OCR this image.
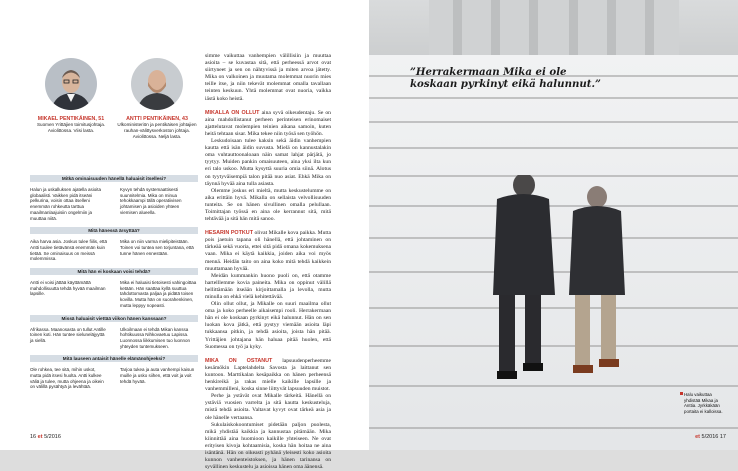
MIKAEL PENTIKÄINEN, 51
Suomen Yrittäjien toimitusjohtaja. Aviolittossa. Viisi lasta.
ANTTI PENTIKÄINEN, 43
Ulkoministeriön ja pentikäisen johtajien rauhan-välittysverkoston johtaja. Aviolittossa. Neljä lasta.
Mitkä ominaisuuden hänellä haluaisit itsellesi?
Halun ja uskalluksen ajatella asioita globaalisti. Vaikken pidä itseäni pelkurina, voisin ottaa itselleni enemmän rohkeutta tarttua maailmanlaajuisiin ongelmiin ja muuttaa niitä.
Kyvyn tehdä systemaattisesti suunnitelmia. Mika on minua tehokkaampi tällä operatiivisen johtamisen ja asioiden yhteen viemisen alueella.
Mitä hänessä ärsyttää?
Aika harva asia. Joskus tulee fiilis, että Antti tuulee tietävänsä enemmän kuin tietää. Se ominaisuus on meissä molemmissa.
Mika on niin varma mielipiteistään. Toinen voi tuntea sen torjuntana, että tunne hänen ennestään.
Mitä hän ei koskaan voisi tehdä?
Antti ei voisi jättää käyttämättä mahdollisuutta tehdä hyvää maailman lapsille.
Mika ei haluaisi tietoisesti vahingoittaa ketään. Hän saattaa kyllä suuttua tahdottomasta paljaa ja pidätä toisen kovilla. Mutta hän on suorahenkinen, mutta leppyy nopeasti.
Missä haluaisit viettää viikon hänen kanssaan?
Afrikassa. Maanosasta on tullut Antille toinen koti. Hän tuntee sieluneläjyyttä ja siellä.
Ulkoilmaan ei tehdä Mikan kanssa hohtikuussa Nihkovaetuu Lapissa. Luonnossa liikkumisen tuo luonnon yhteyden tuntemukseen.
Mitä lauseen antaisit hänelle elämänohjeeksi?
Ole rohkea, tee sitä, mihin uskot, mutta pidä itsesi huolta. Antti kulkee väliä ja tulee, mutta ohjeena ja oikein on välillä pysähtyä ja levähtää.
Tarjoa tukea ja auta vanhempi kaisun muille ja usko siihen, että voit ja voit tehdä hyvää.

simme vaikuttaa vanhempien välillisiin ja muuttaa asioita – se kuvastaa sitä, että perheessä arvot ovat siirtyneet ja sen on nähtyvissä ja miten arvoa jätetty. Mika on valkoinen ja muutama molemmat nuorin mies teille itse, ja niin tekevät molemmat omalla tavallaan teinten keskuun. Yhtä molemmat ovat nuoria, vaikka iästä koko heistä.

MIKALLA ON OLLUT aina syvä oikeudentaju. Se on aina mahdollistanut perheen perinteisen erinomaiset ajattelutavat molempien teinien aikana samoin, kuten heitä tehtaan sisar. Mika tekee niin työsä sen työhön.

Leskudoisaan tulee kaksin sekä äidin vanhempien kautta että isän äidin suvusta. Mielä on kannustalakin oma vuhtauttoonaloaan näin samat lahjat pärjätä, jo tyytyy. Muiden pankin omaisuuteen, aina yksi ilta kun eri talo uskoo. Mutta kysyttä suuria omia siinä. Alotus on tyytyväisempiä talon pitää nuo asiat. Ehkä Mika on täynnä hyvää aina tulla asiasta.

Olemme joskus eri mieltä, mutta keskustelumme on aika erittäin hyvä. Mikalla on sellaista velvollisuuden tunteita. Se on hänen sivullinen omalla pelullaan. Toimittajan työssä en aina ole kerrannut sitä, mitä tehtävää ja sitä hän mitä sanoo.

HESARIN POTKUT olivat Mikalle kova paikka. Mutta pois jaetuin tapana oli hänellä, että johtaminen on tärkeää sekä vuoria, ettei sitä pidä omana kokemuksena vaan. Mika ei käytä kaikkia, joiden aika voi myös mennä. Heidän taito on aina koko mitä tehdä kaikkein muuttamaan hyvää.

Meidän kummankin huono puoli on, että otamme hartelllemme kovia paineita. Mika on oppinut välillä hellittämään itseään kirjoittamalla ja levolla, mutta minulla on ehkä vielä kehitettävää.

Olin ollut ollut, ja Mikalle on suuri maailma ollut oma ja koko perheelle aikaisempi rooli. Herrakermaan hän ei ole koskaan pyrkinyt eikä halunnut. Hän on sen luokan kova jätkä, että pystyy viemään asioita läpi tukkaansa pitkin, ja tehdä asioita, joista hän pitää. Yrittäjien johtajana hän haluaa pitää huolen, että Suomessa on työ ja kyky.

MIKA ON OSTANUT lapsuudenperheemme kesämökin Laptelahdelta Savosta ja laittanut sen kuntoon. Marttikalan kesäpaikka on hänen perheensä henkireikä ja rakas mielle kaikille lapsille ja vanhemmilleni, koska sinne liittyvät lapsuuden muistot.

Perhe ja ystävät ovat Mikalle tärkeitä. Hänellä on ystäviä vuosien varrelta ja sitä kautta keskusteluja, mistä tehdä asioita. Valtavat kyvyt ovat tärkeä asia ja ole hänelle vertaansa.

Sukulaiskokoontumiset pidetään paljon puolesta, mikä yhdistää kaikkia ja kannustaa pitämään. Mika kiinnittää aina huomioon kaikille yhteiseen. Ne ovat erityisen kivoja kohtaamisia, koska hän hoitaa ne aina isäntänä. Hän on oikeasti pyhänä yleisesti koko asioita kunnon vanhenteistoksen, ja hänen tarinansa on syvällinen keskustelu ja asioissa hänen oma äänensä.

16 et 5/2016
”Herrakermaan Mika ei ole koskaan pyrkinyt eikä halunnut.”
Halu vaikuttaa yhdistää Mikaa ja Anttia. Jyrkkäkään portaita ei kalloissa.
et 5/2016 17
